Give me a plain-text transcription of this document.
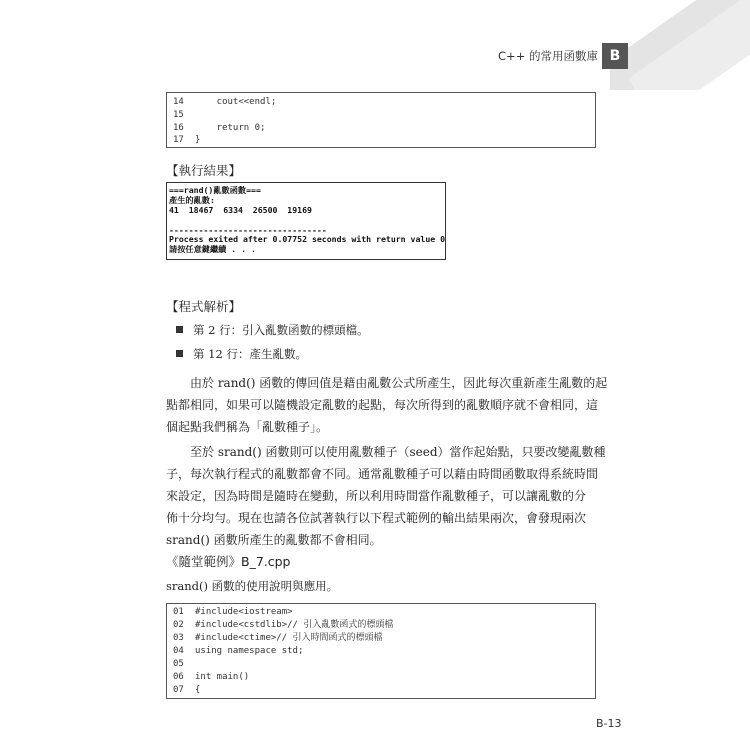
C++ 的常用函數庫 B
14    cout<<endl;
15
16    return 0;
17 }
【執行結果】
===rand()亂數函數===
產生的亂數:
41  18467  6334  26500  19169
--------------------------------
Process exited after 0.07752 seconds with return value 0
請按任意鍵繼續 . . .
【程式解析】
第 2 行：引入亂數函數的標頭檔。
第 12 行：產生亂數。
由於 rand() 函數的傳回值是藉由亂數公式所產生，因此每次重新產生亂數的起
點都相同，如果可以隨機設定亂數的起點，每次所得到的亂數順序就不會相同，這
個起點我們稱為「亂數種子」。
至於 srand() 函數則可以使用亂數種子（seed）當作起始點，只要改變亂數種
子，每次執行程式的亂數都會不同。通常亂數種子可以藉由時間函數取得系統時間
來設定，因為時間是隨時在變動，所以利用時間當作亂數種子，可以讓亂數的分
佈十分均勻。現在也請各位試著執行以下程式範例的輸出結果兩次，會發現兩次
srand() 函數所產生的亂數都不會相同。
《隨堂範例》B_7.cpp
srand() 函數的使用說明與應用。
01 #include<iostream>
02 #include<cstdlib>// 引入亂數函式的標頭檔
03 #include<ctime>// 引入時間函式的標頭檔
04 using namespace std;
05
06 int main()
07 {
B-13
